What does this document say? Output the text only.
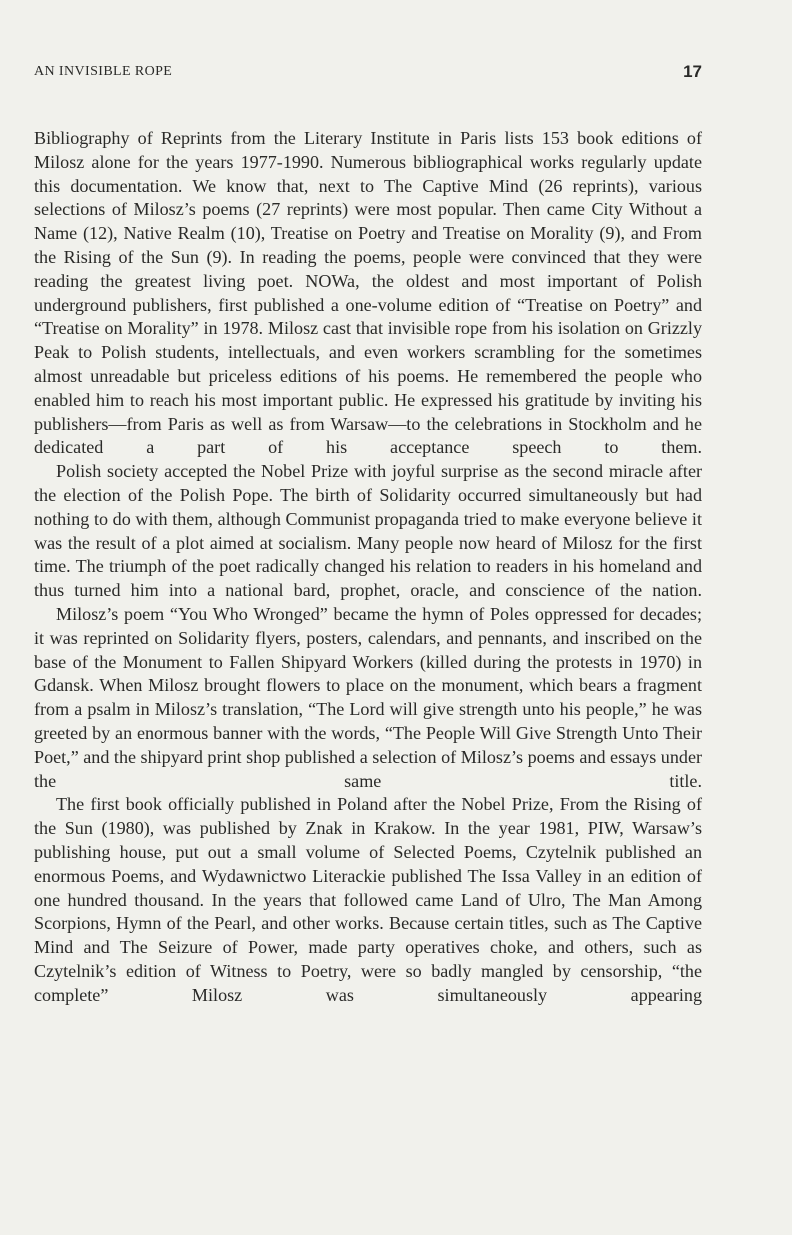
AN INVISIBLE ROPE	17

Bibliography of Reprints from the Literary Institute in Paris lists 153 book editions of Milosz alone for the years 1977-1990. Numerous bibliographical works regularly update this documentation. We know that, next to The Captive Mind (26 reprints), various selections of Milosz’s poems (27 reprints) were most popular. Then came City Without a Name (12), Native Realm (10), Treatise on Poetry and Treatise on Morality (9), and From the Rising of the Sun (9). In reading the poems, people were convinced that they were reading the greatest living poet. NOWa, the oldest and most important of Polish underground publishers, first published a one-volume edition of “Treatise on Poetry” and “Treatise on Morality” in 1978. Milosz cast that invisible rope from his isolation on Grizzly Peak to Polish students, intellectuals, and even workers scrambling for the sometimes almost unreadable but priceless editions of his poems. He remembered the people who enabled him to reach his most important public. He expressed his gratitude by inviting his publishers—from Paris as well as from Warsaw—to the celebrations in Stockholm and he dedicated a part of his acceptance speech to them.

Polish society accepted the Nobel Prize with joyful surprise as the second miracle after the election of the Polish Pope. The birth of Solidarity occurred simultaneously but had nothing to do with them, although Communist propaganda tried to make everyone believe it was the result of a plot aimed at socialism. Many people now heard of Milosz for the first time. The triumph of the poet radically changed his relation to readers in his homeland and thus turned him into a national bard, prophet, oracle, and conscience of the nation.

Milosz’s poem “You Who Wronged” became the hymn of Poles oppressed for decades; it was reprinted on Solidarity flyers, posters, calendars, and pennants, and inscribed on the base of the Monument to Fallen Shipyard Workers (killed during the protests in 1970) in Gdansk. When Milosz brought flowers to place on the monument, which bears a fragment from a psalm in Milosz’s translation, “The Lord will give strength unto his people,” he was greeted by an enormous banner with the words, “The People Will Give Strength Unto Their Poet,” and the shipyard print shop published a selection of Milosz’s poems and essays under the same title.

The first book officially published in Poland after the Nobel Prize, From the Rising of the Sun (1980), was published by Znak in Krakow. In the year 1981, PIW, Warsaw’s publishing house, put out a small volume of Selected Poems, Czytelnik published an enormous Poems, and Wydawnictwo Literackie published The Issa Valley in an edition of one hundred thousand. In the years that followed came Land of Ulro, The Man Among Scorpions, Hymn of the Pearl, and other works. Because certain titles, such as The Captive Mind and The Seizure of Power, made party operatives choke, and others, such as Czytelnik’s edition of Witness to Poetry, were so badly mangled by censorship, “the complete” Milosz was simultaneously appearing
